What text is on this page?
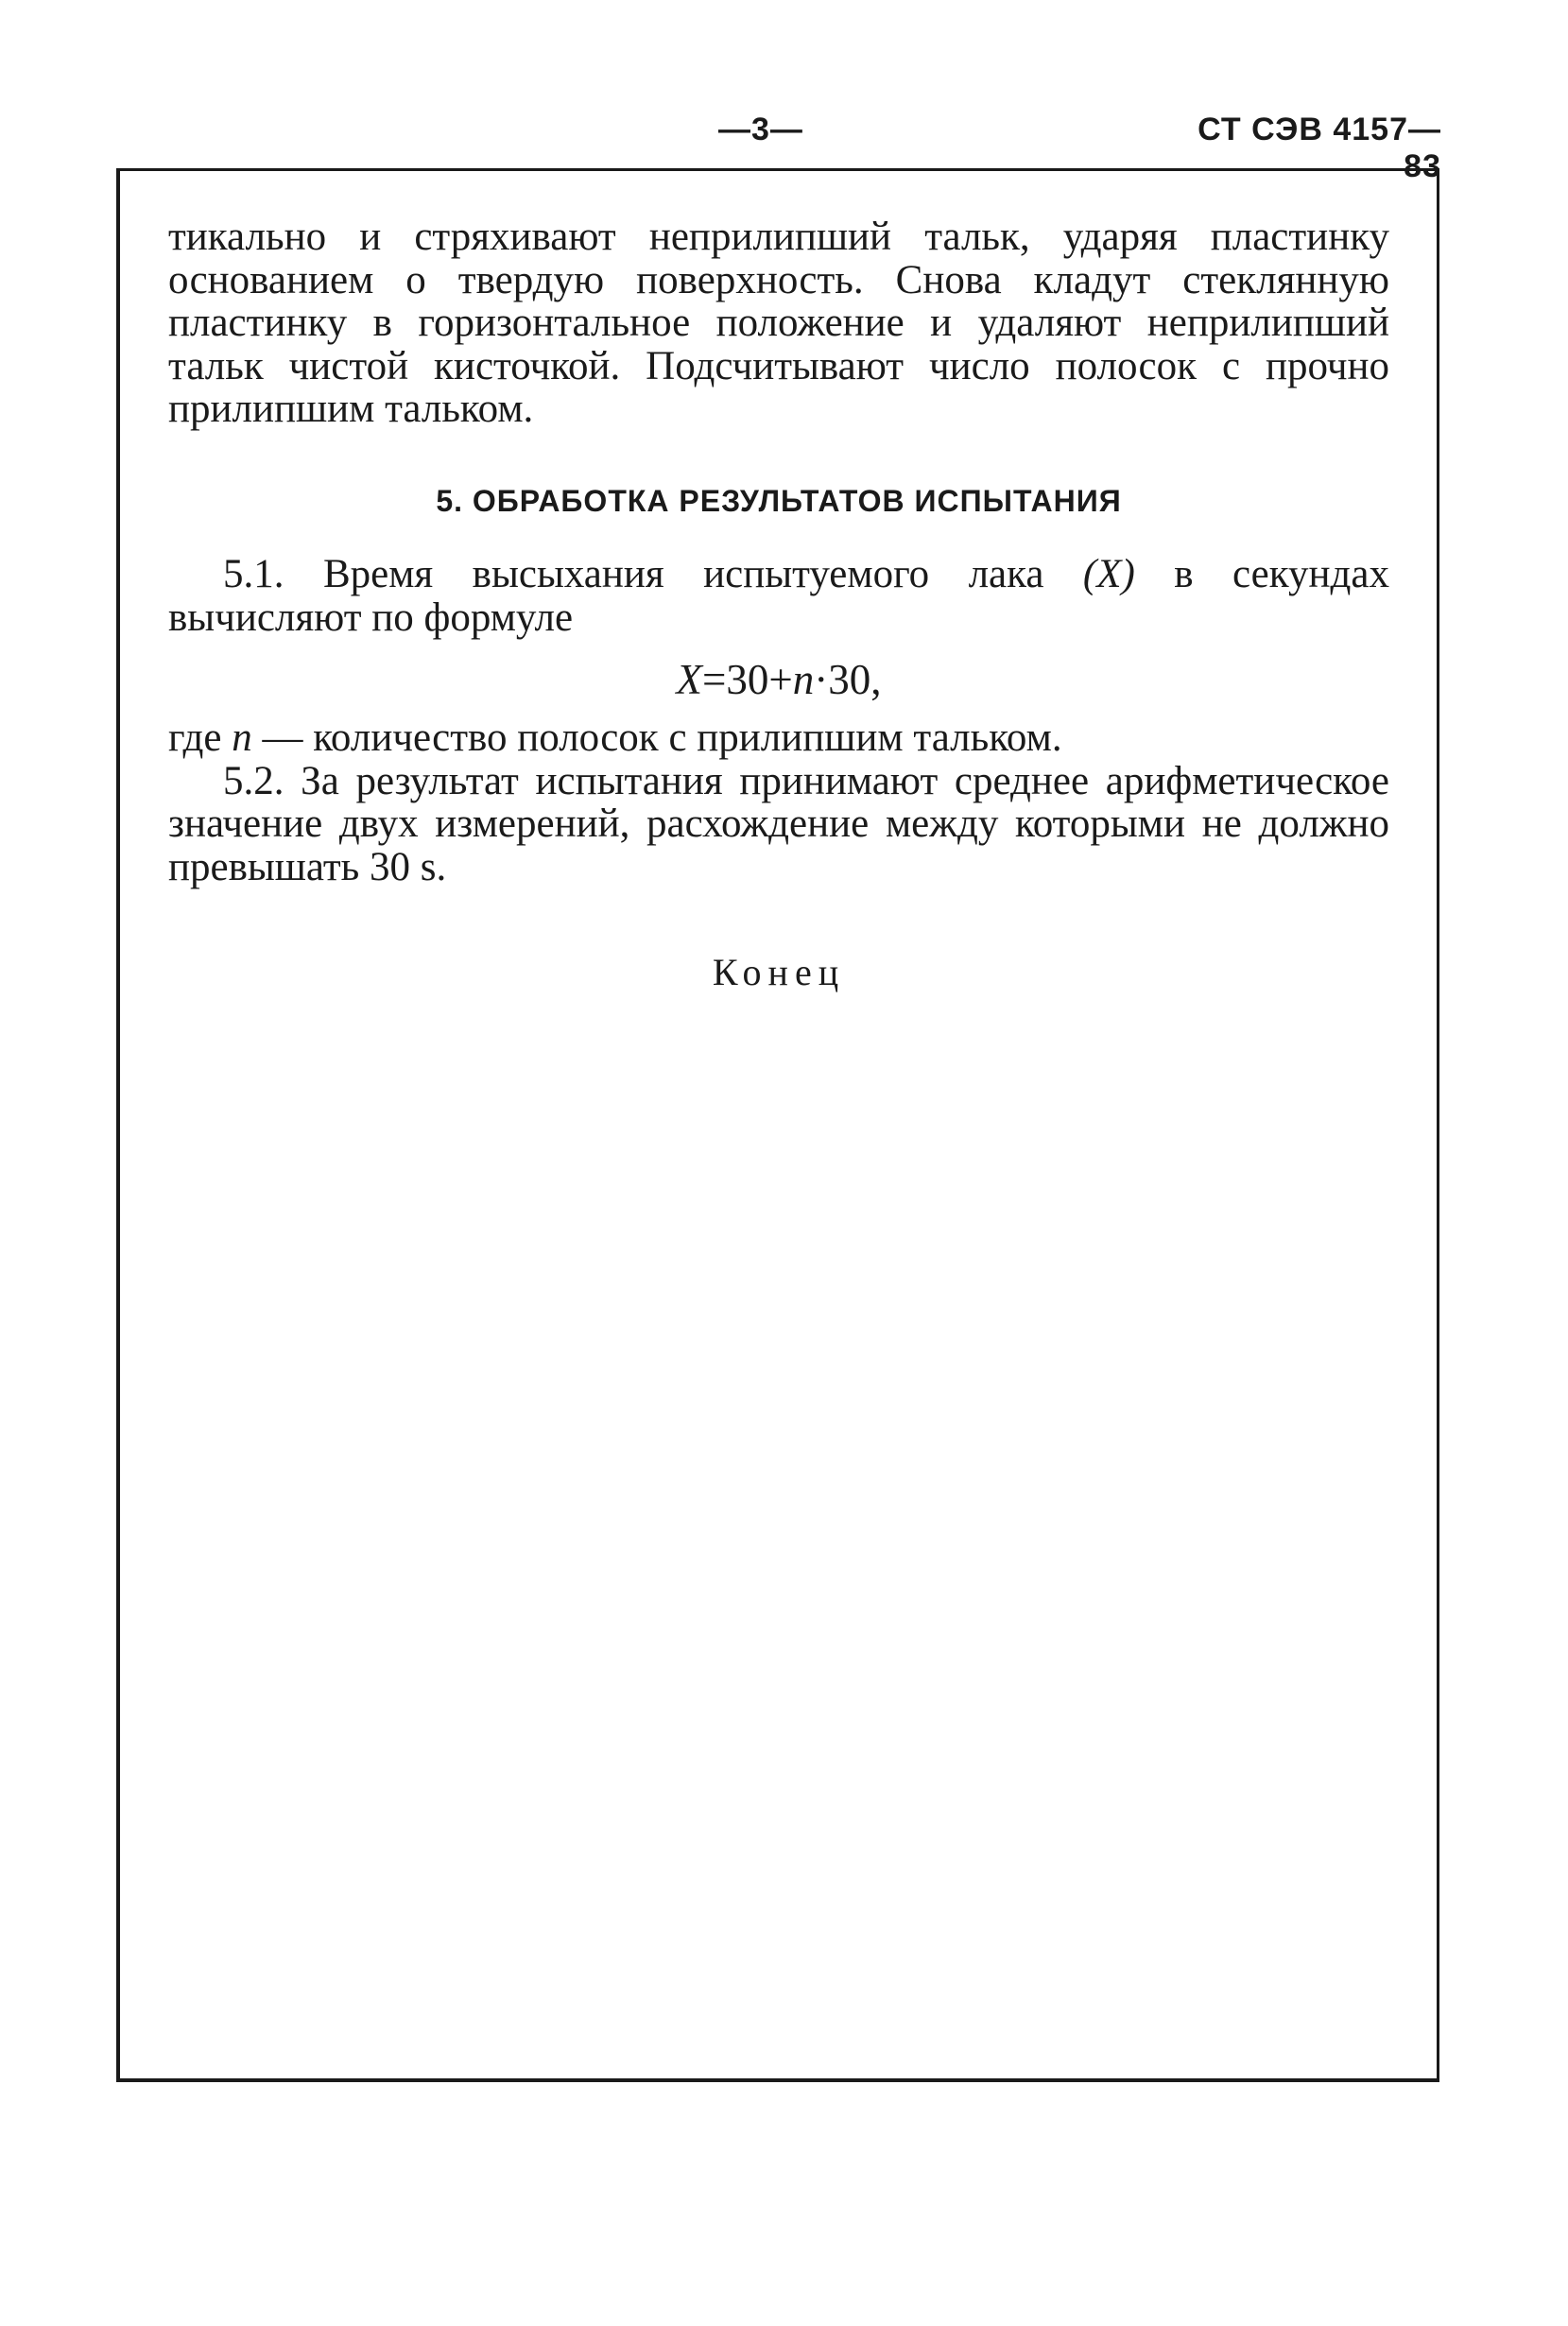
—3—	СТ СЭВ 4157—83

тикально и стряхивают неприлипший тальк, ударяя пластинку основанием о твердую поверхность. Снова кладут стеклянную пластинку в горизонтальное положение и удаляют неприлипший тальк чистой кисточкой. Подсчитывают число полосок с прочно прилипшим тальком.

5. ОБРАБОТКА РЕЗУЛЬТАТОВ ИСПЫТАНИЯ

5.1. Время высыхания испытуемого лака (X) в секундах вычисляют по формуле

X=30+n·30,

где n — количество полосок с прилипшим тальком.

5.2. За результат испытания принимают среднее арифметическое значение двух измерений, расхождение между которыми не должно превышать 30 s.

Конец
